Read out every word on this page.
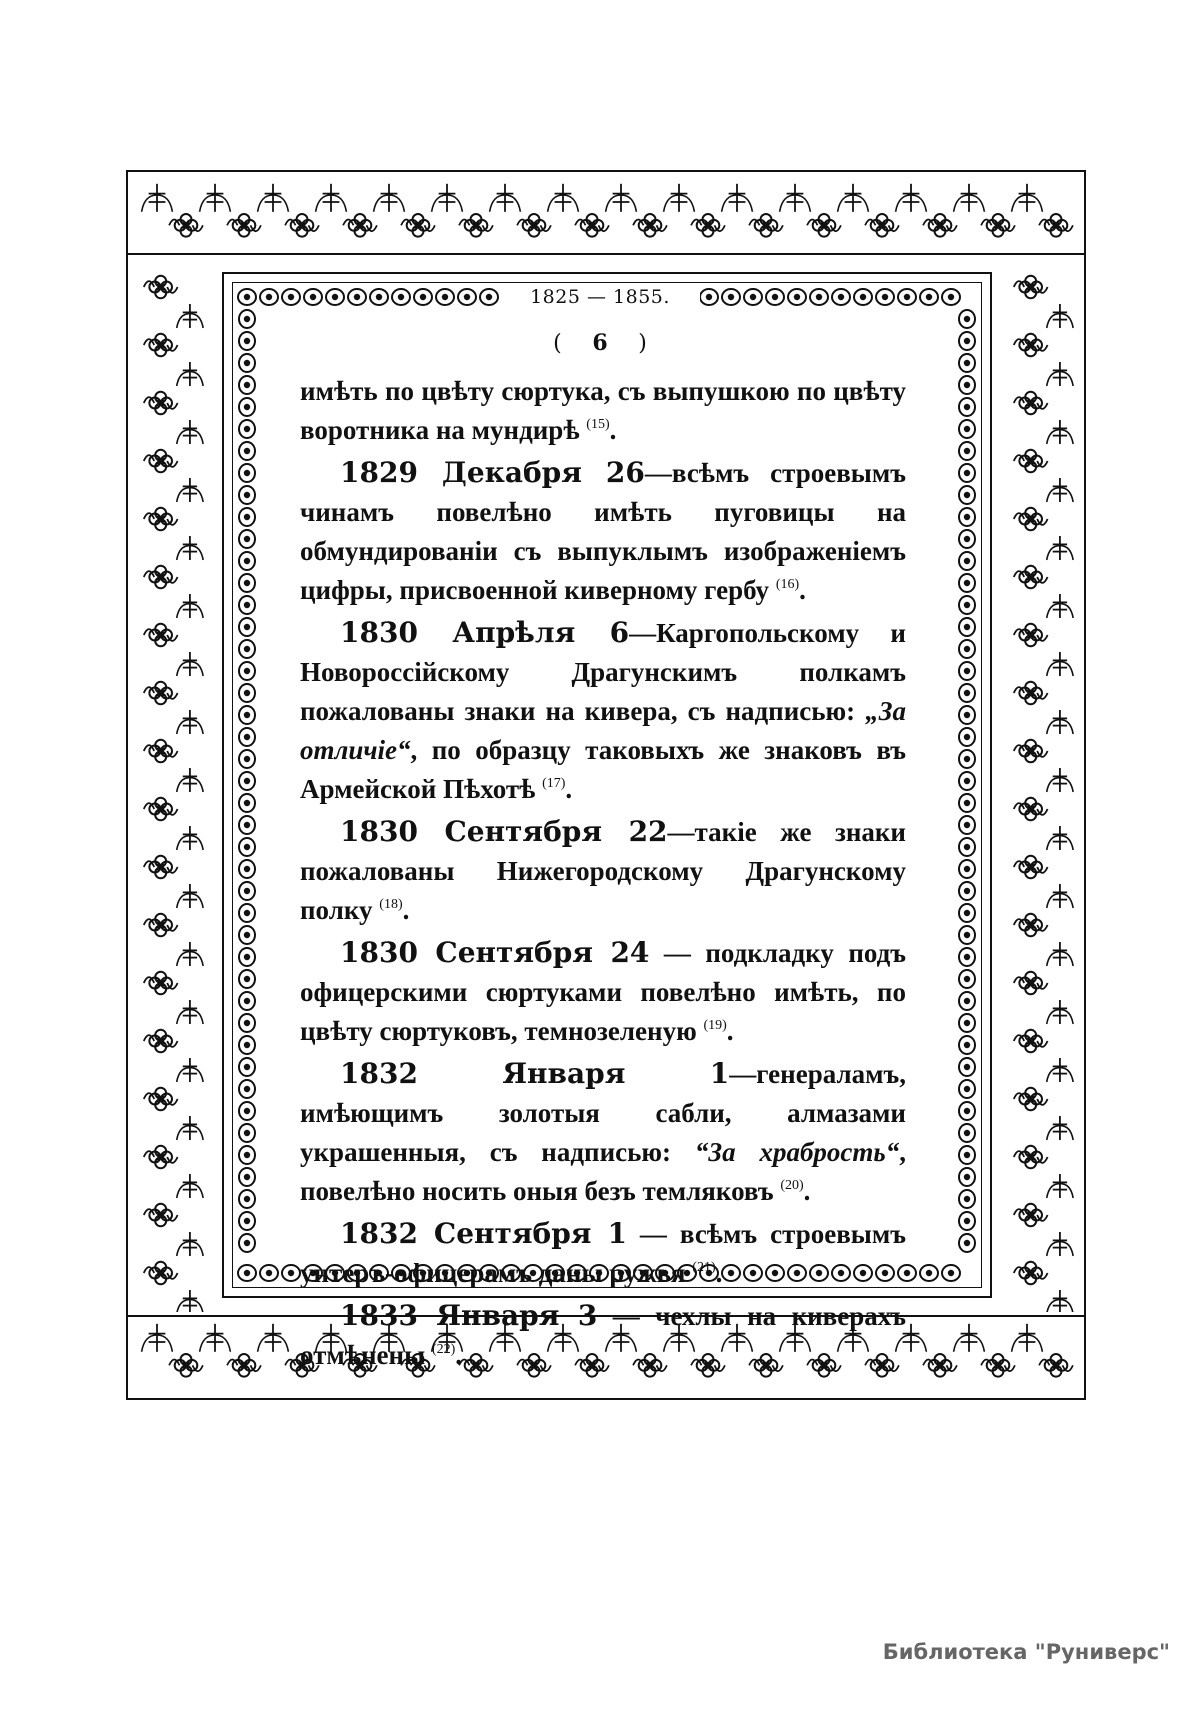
1825 — 1855.
( 6 )

имѣть по цвѣту сюртука, съ выпушкою по цвѣту воротника на мундирѣ $^{(15)}$.

1829 Декабря 26—всѣмъ строевымъ чинамъ повелѣно имѣть пуговицы на обмундированіи съ выпуклымъ изображеніемъ цифры, присвоенной киверному гербу $^{(16)}$.

1830 Апрѣля 6—Каргопольскому и Новороссійскому Драгунскимъ полкамъ пожалованы знаки на кивера, съ надписью: „За отличіе“, по образцу таковыхъ же знаковъ въ Армейской Пѣхотѣ $^{(17)}$.

1830 Сентября 22—такіе же знаки пожалованы Нижегородскому Драгунскому полку $^{(18)}$.

1830 Сентября 24 — подкладку подъ офицерскими сюртуками повелѣно имѣть, по цвѣту сюртуковъ, темнозеленую $^{(19)}$.

1832 Января 1—генераламъ, имѣющимъ золотыя сабли, алмазами украшенныя, съ надписью: “За храбрость“, повелѣно носить оныя безъ темляковъ $^{(20)}$.

1832 Сентября 1 — всѣмъ строевымъ унтеръ-офицерамъ даны ружья $^{(21)}$.

1833 Января 3 — чехлы на киверахъ отмѣнены $^{(22)}$.

Библиотека "Руниверс"
